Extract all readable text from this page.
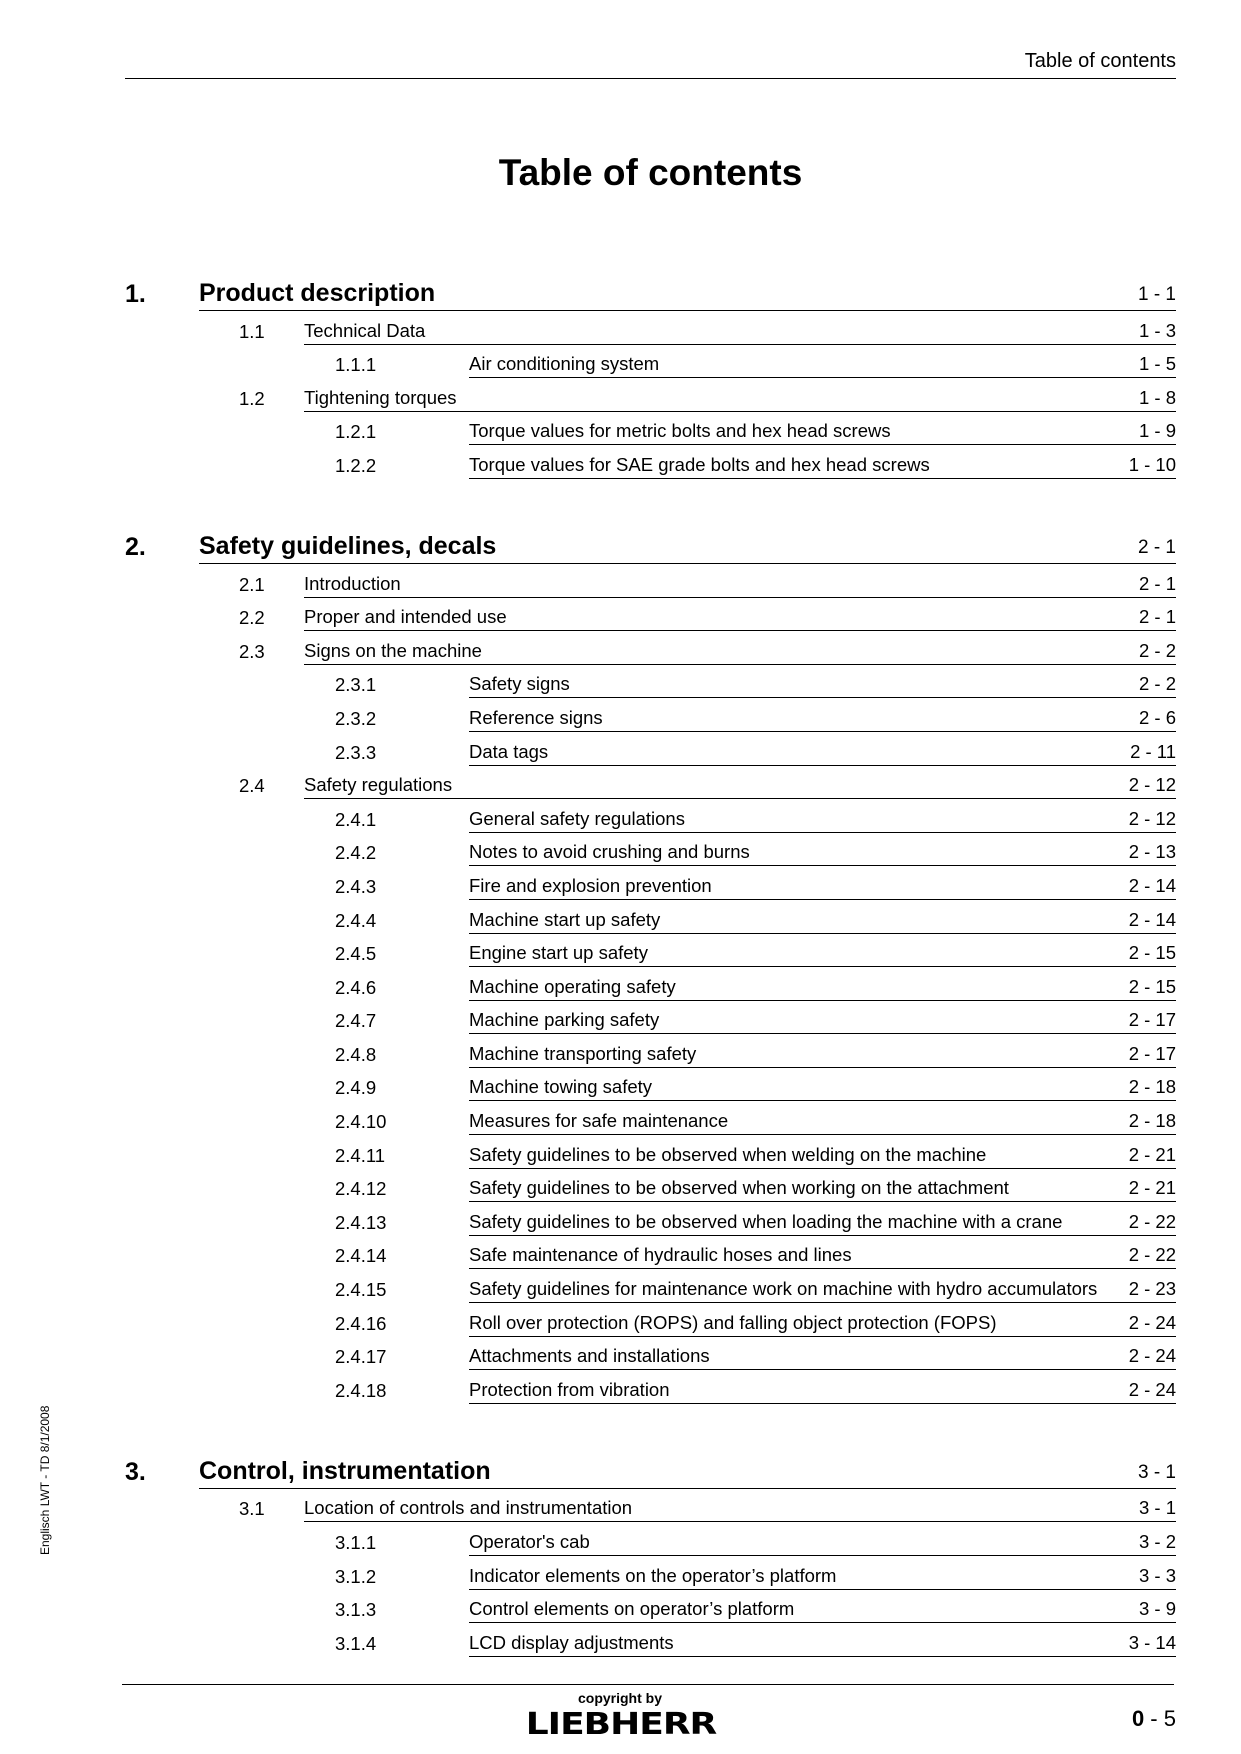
Table of contents
Table of contents
1.	Product description	1 - 1
1.1	Technical Data	1 - 3
1.1.1	Air conditioning system	1 - 5
1.2	Tightening torques	1 - 8
1.2.1	Torque values for metric bolts and hex head screws	1 - 9
1.2.2	Torque values for SAE grade bolts and hex head screws	1 - 10
2.	Safety guidelines, decals	2 - 1
2.1	Introduction	2 - 1
2.2	Proper and intended use	2 - 1
2.3	Signs on the machine	2 - 2
2.3.1	Safety signs	2 - 2
2.3.2	Reference signs	2 - 6
2.3.3	Data tags	2 - 11
2.4	Safety regulations	2 - 12
2.4.1	General safety regulations	2 - 12
2.4.2	Notes to avoid crushing and burns	2 - 13
2.4.3	Fire and explosion prevention	2 - 14
2.4.4	Machine start up safety	2 - 14
2.4.5	Engine start up safety	2 - 15
2.4.6	Machine operating safety	2 - 15
2.4.7	Machine parking safety	2 - 17
2.4.8	Machine transporting safety	2 - 17
2.4.9	Machine towing safety	2 - 18
2.4.10	Measures for safe maintenance	2 - 18
2.4.11	Safety guidelines to be observed when welding on the machine	2 - 21
2.4.12	Safety guidelines to be observed when working on the attachment	2 - 21
2.4.13	Safety guidelines to be observed when loading the machine with a crane	2 - 22
2.4.14	Safe maintenance of hydraulic hoses and lines	2 - 22
2.4.15	Safety guidelines for maintenance work on machine with hydro accumulators 2 - 23
2.4.16	Roll over protection (ROPS) and falling object protection (FOPS)	2 - 24
2.4.17	Attachments and installations	2 - 24
2.4.18	Protection from vibration	2 - 24
3.	Control, instrumentation	3 - 1
3.1	Location of controls and instrumentation	3 - 1
3.1.1	Operator's cab	3 - 2
3.1.2	Indicator elements on the operator’s platform	3 - 3
3.1.3	Control elements on operator’s platform	3 - 9
3.1.4	LCD display adjustments	3 - 14
Englisch LWT - TD 8/1/2008
copyright by
LIEBHERR	0 - 5
